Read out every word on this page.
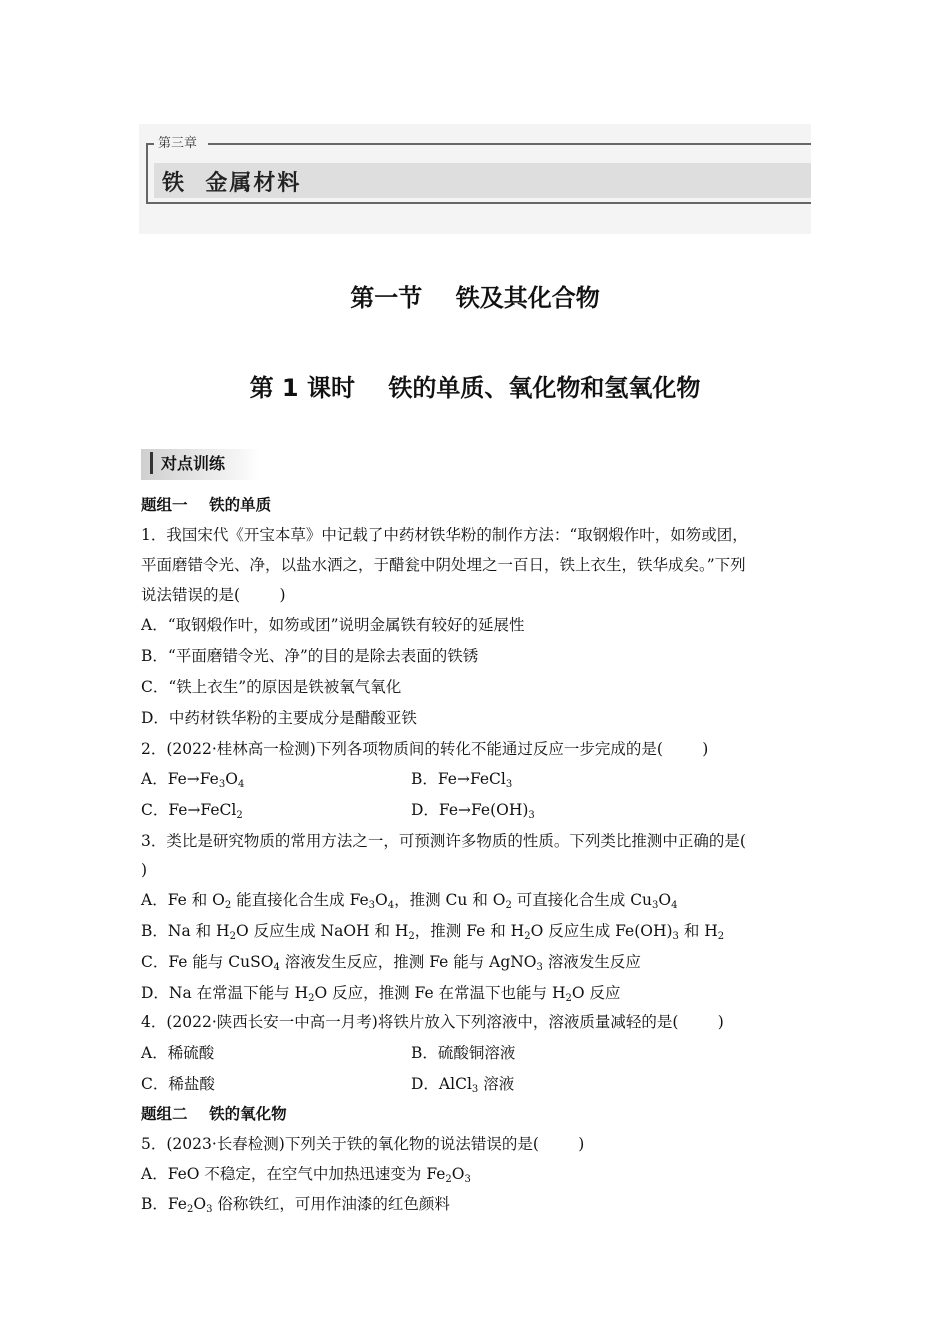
第三章
铁  金属材料
第一节    铁及其化合物
第 1 课时    铁的单质、氧化物和氢氧化物
对点训练
题组一    铁的单质
1．我国宋代《开宝本草》中记载了中药材铁华粉的制作方法：“取钢煅作叶，如笏或团，
平面磨错令光、净，以盐水洒之，于醋瓮中阴处埋之一百日，铁上衣生，铁华成矣。”下列
说法错误的是(        )
A．“取钢煅作叶，如笏或团”说明金属铁有较好的延展性
B．“平面磨错令光、净”的目的是除去表面的铁锈
C．“铁上衣生”的原因是铁被氧气氧化
D．中药材铁华粉的主要成分是醋酸亚铁
2．(2022·桂林高一检测)下列各项物质间的转化不能通过反应一步完成的是(        )
A．$Fe\to Fe_3O_4$	B．Fe→FeCl$_3$
C．Fe→FeCl$_2$	D．$Fe\to Fe(OH)_3$
3．类比是研究物质的常用方法之一，可预测许多物质的性质。下列类比推测中正确的是(
)
A．Fe 和 $O_2$ 能直接化合生成 $Fe_3O_4$，推测 Cu 和 $O_2$ 可直接化合生成 $Cu_3O_4$
B．Na 和 $H_2O$ 反应生成 NaOH 和 $H_2$，推测 Fe 和 $H_2O$ 反应生成 $Fe(OH)_3$ 和 $H_2$
C．Fe 能与 CuSO$_4$ 溶液发生反应，推测 Fe 能与 AgNO$_3$ 溶液发生反应
D．Na 在常温下能与 $H_2O$ 反应，推测 Fe 在常温下也能与 $H_2O$ 反应
4．(2022·陕西长安一中高一月考)将铁片放入下列溶液中，溶液质量减轻的是(        )
A．稀硫酸	B．硫酸铜溶液
C．稀盐酸	D．AlCl$_3$ 溶液
题组二    铁的氧化物
5．(2023·长春检测)下列关于铁的氧化物的说法错误的是(        )
A．FeO 不稳定，在空气中加热迅速变为 $Fe_2O_3$
B．$Fe_2O_3$ 俗称铁红，可用作油漆的红色颜料
